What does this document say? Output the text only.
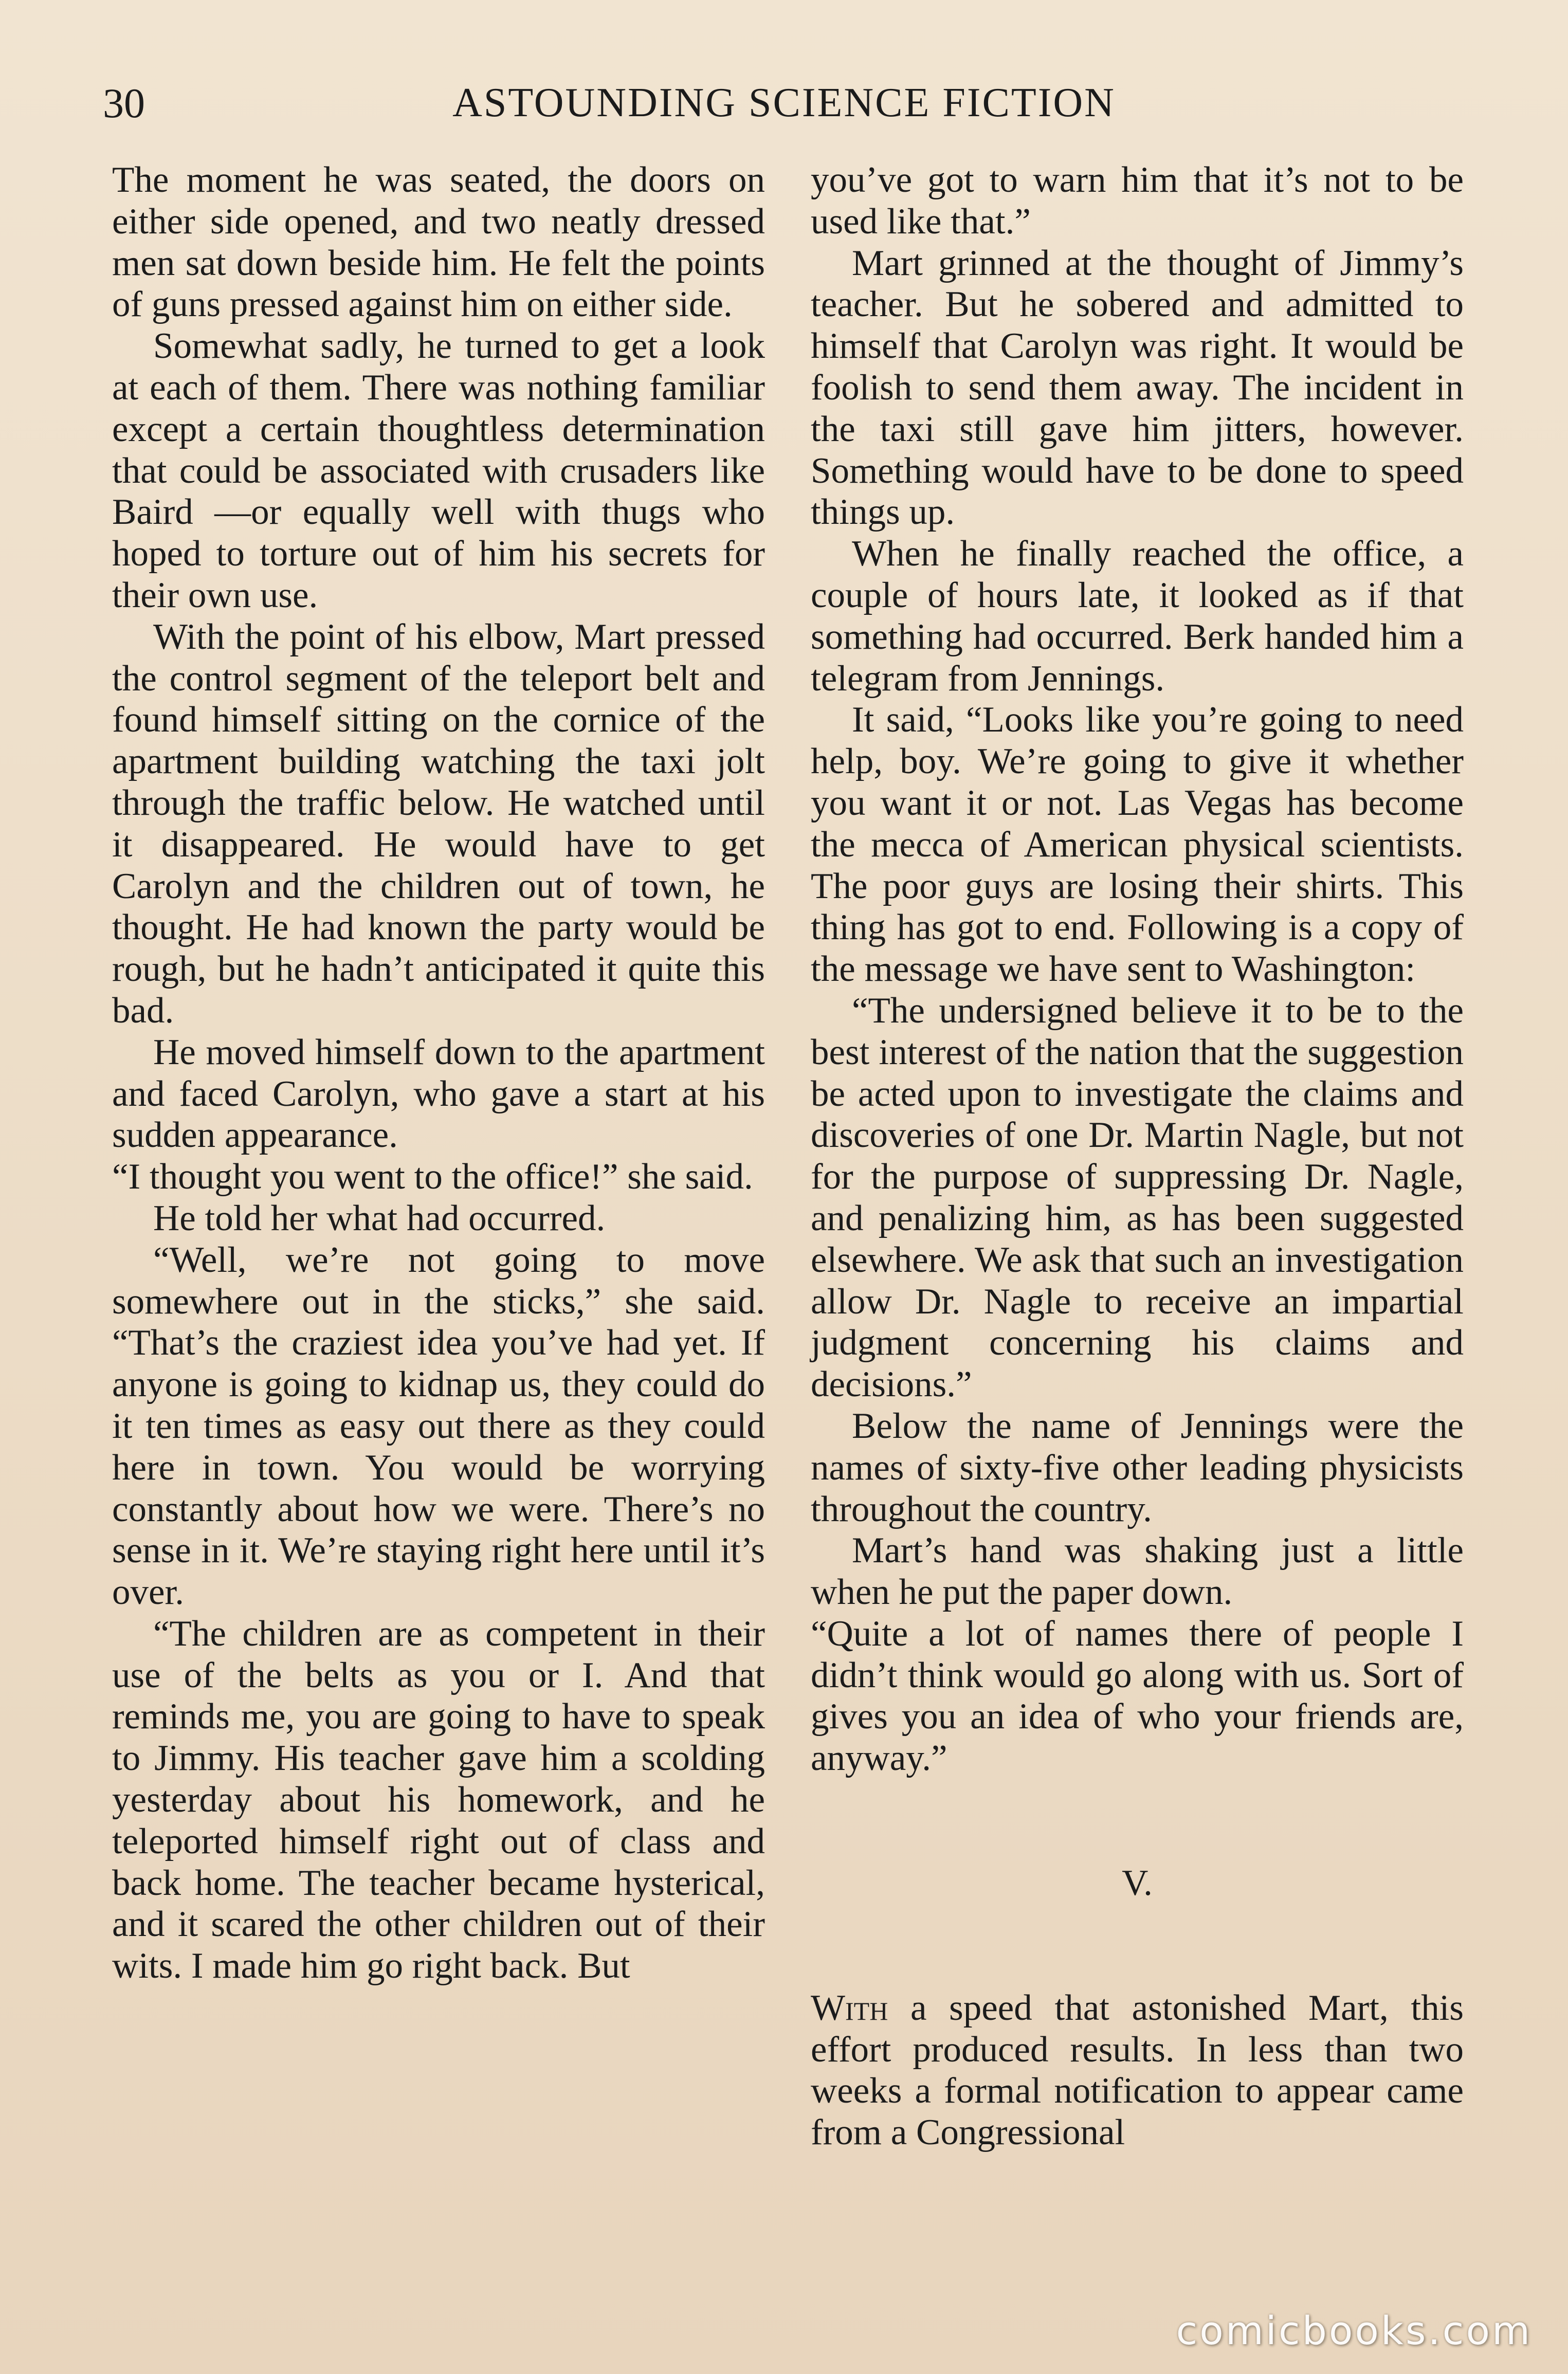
30	ASTOUNDING SCIENCE FICTION

The moment he was seated, the doors on either side opened, and two neatly dressed men sat down beside him. He felt the points of guns pressed against him on either side.

Somewhat sadly, he turned to get a look at each of them. There was nothing familiar except a certain thoughtless determination that could be associated with crusaders like Baird —or equally well with thugs who hoped to torture out of him his secrets for their own use.

With the point of his elbow, Mart pressed the control segment of the teleport belt and found himself sitting on the cornice of the apartment building watching the taxi jolt through the traffic below. He watched until it disappeared. He would have to get Carolyn and the children out of town, he thought. He had known the party would be rough, but he hadn’t anticipated it quite this bad.

He moved himself down to the apartment and faced Carolyn, who gave a start at his sudden appearance.

“I thought you went to the office!” she said.

He told her what had occurred.

“Well, we’re not going to move somewhere out in the sticks,” she said. “That’s the craziest idea you’ve had yet. If anyone is going to kidnap us, they could do it ten times as easy out there as they could here in town. You would be worrying constantly about how we were. There’s no sense in it. We’re staying right here until it’s over.

“The children are as competent in their use of the belts as you or I. And that reminds me, you are going to have to speak to Jimmy. His teacher gave him a scolding yesterday about his homework, and he teleported himself right out of class and back home. The teacher became hysterical, and it scared the other children out of their wits. I made him go right back. But

you’ve got to warn him that it’s not to be used like that.”

Mart grinned at the thought of Jimmy’s teacher. But he sobered and admitted to himself that Carolyn was right. It would be foolish to send them away. The incident in the taxi still gave him jitters, however. Something would have to be done to speed things up.

When he finally reached the office, a couple of hours late, it looked as if that something had occurred. Berk handed him a telegram from Jennings.

It said, “Looks like you’re going to need help, boy. We’re going to give it whether you want it or not. Las Vegas has become the mecca of American physical scientists. The poor guys are losing their shirts. This thing has got to end. Following is a copy of the message we have sent to Washington:

“The undersigned believe it to be to the best interest of the nation that the suggestion be acted upon to investigate the claims and discoveries of one Dr. Martin Nagle, but not for the purpose of suppressing Dr. Nagle, and penalizing him, as has been suggested elsewhere. We ask that such an investigation allow Dr. Nagle to receive an impartial judgment concerning his claims and decisions.”

Below the name of Jennings were the names of sixty-five other leading physicists throughout the country.

Mart’s hand was shaking just a little when he put the paper down.

“Quite a lot of names there of people I didn’t think would go along with us. Sort of gives you an idea of who your friends are, anyway.”

V.

With a speed that astonished Mart, this effort produced results. In less than two weeks a formal notification to appear came from a Congressional

comicbooks.com
